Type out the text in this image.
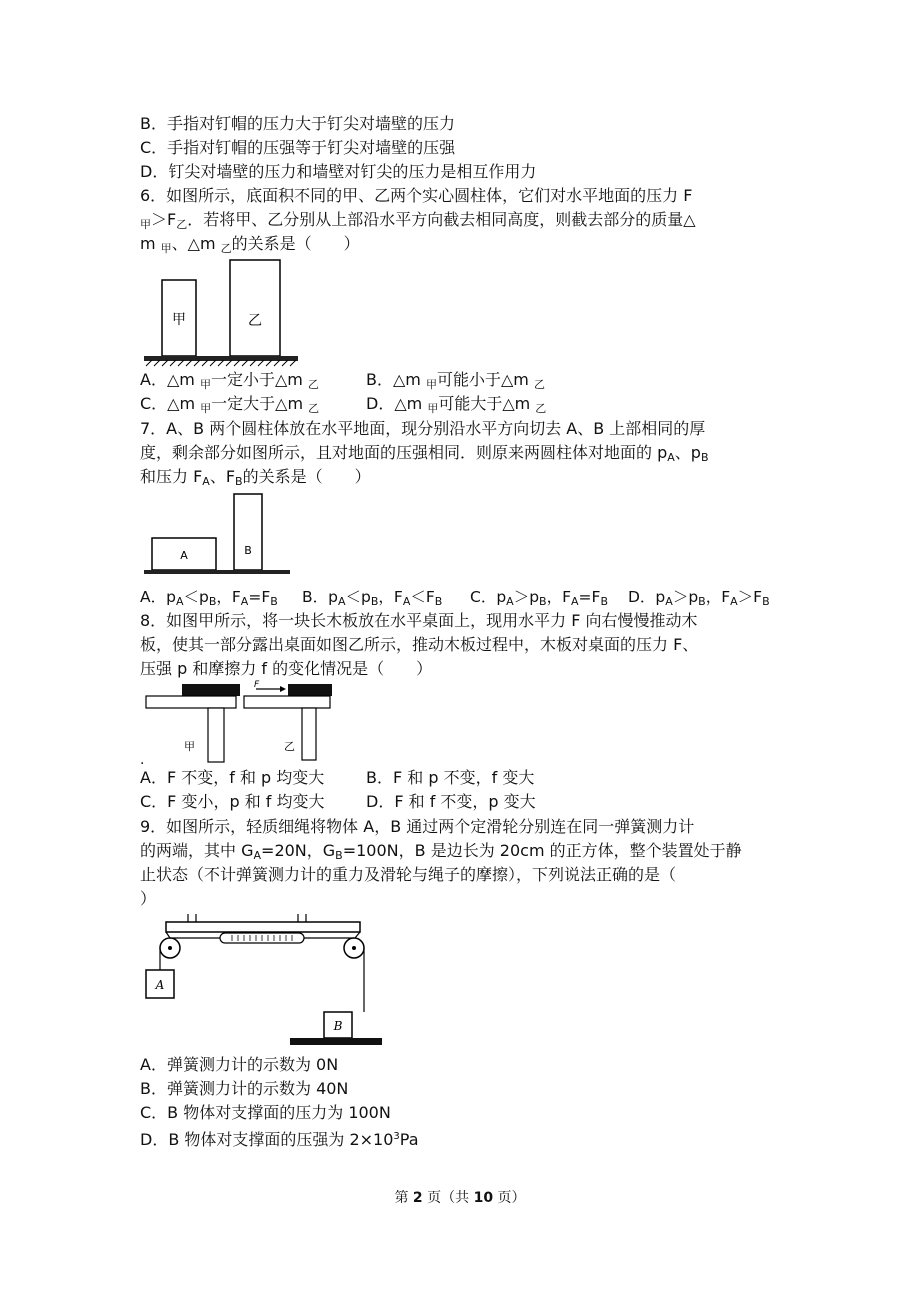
B．手指对钉帽的压力大于钉尖对墙壁的压力
C．手指对钉帽的压强等于钉尖对墙壁的压强
D．钉尖对墙壁的压力和墙壁对钉尖的压力是相互作用力
6．如图所示，底面积不同的甲、乙两个实心圆柱体，它们对水平地面的压力 F
$_甲>F_乙$．若将甲、乙分别从上部沿水平方向截去相同高度，则截去部分的质量△
m $_甲$、△m $_乙$的关系是（　　）
甲	乙
A．△m $_甲$一定小于△m $_乙$	B．△m $_甲$可能小于△m $_乙$
C．△m $_甲$一定大于△m $_乙$	D．△m $_甲$可能大于△m $_乙$
7．A、B 两个圆柱体放在水平地面，现分别沿水平方向切去 A、B 上部相同的厚
度，剩余部分如图所示，且对地面的压强相同．则原来两圆柱体对地面的 $p_A$、$p_B$
和压力 $F_A$、$F_B$的关系是（　　）
A	B
A．$p_A<p_B$，$F_A=F_B$ B．$p_A<p_B$，$F_A<F_B$ C．$p_A>p_B$，$F_A=F_B$ D．$p_A>p_B$，$F_A>F_B$
8．如图甲所示，将一块长木板放在水平桌面上，现用水平力 F 向右慢慢推动木
板，使其一部分露出桌面如图乙所示，推动木板过程中，木板对桌面的压力 F、
压强 p 和摩擦力 f 的变化情况是（　　）
甲
F
乙
.
A．F 不变，f 和 p 均变大	B．F 和 p 不变，f 变大
C．F 变小，p 和 f 均变大	D．F 和 f 不变，p 变大
9．如图所示，轻质细绳将物体 A，B 通过两个定滑轮分别连在同一弹簧测力计
的两端，其中 $G_A=20N$，$G_B=100N$，B 是边长为 20cm 的正方体，整个装置处于静
止状态（不计弹簧测力计的重力及滑轮与绳子的摩擦），下列说法正确的是（
）
A
B
A．弹簧测力计的示数为 0N
B．弹簧测力计的示数为 40N
C．B 物体对支撑面的压力为 100N
D．B 物体对支撑面的压强为 $2\times 10^3Pa$
第 2 页（共 10 页）
